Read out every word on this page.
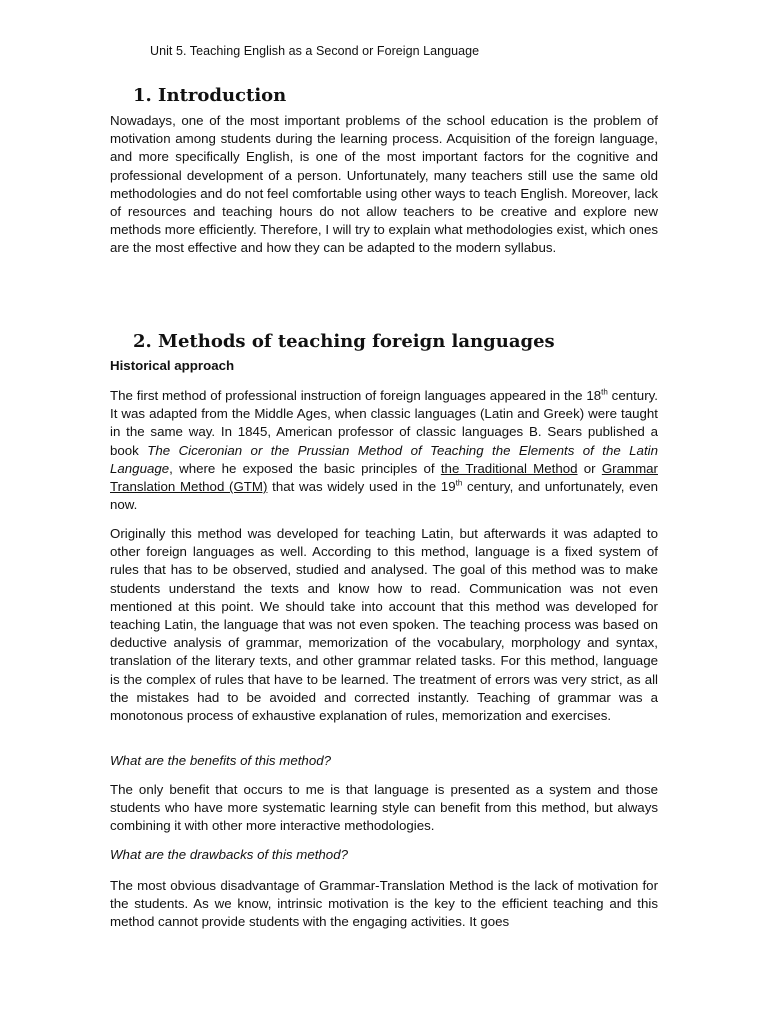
Unit 5. Teaching English as a Second or Foreign Language
1. Introduction

Nowadays, one of the most important problems of the school education is the problem of motivation among students during the learning process. Acquisition of the foreign language, and more specifically English, is one of the most important factors for the cognitive and professional development of a person. Unfortunately, many teachers still use the same old methodologies and do not feel comfortable using other ways to teach English. Moreover, lack of resources and teaching hours do not allow teachers to be creative and explore new methods more efficiently. Therefore, I will try to explain what methodologies exist, which ones are the most effective and how they can be adapted to the modern syllabus.

2. Methods of teaching foreign languages
Historical approach

The first method of professional instruction of foreign languages appeared in the 18th century. It was adapted from the Middle Ages, when classic languages (Latin and Greek) were taught in the same way. In 1845, American professor of classic languages B. Sears published a book The Ciceronian or the Prussian Method of Teaching the Elements of the Latin Language, where he exposed the basic principles of the Traditional Method or Grammar Translation Method (GTM) that was widely used in the 19th century, and unfortunately, even now.

Originally this method was developed for teaching Latin, but afterwards it was adapted to other foreign languages as well. According to this method, language is a fixed system of rules that has to be observed, studied and analysed. The goal of this method was to make students understand the texts and know how to read. Communication was not even mentioned at this point. We should take into account that this method was developed for teaching Latin, the language that was not even spoken. The teaching process was based on deductive analysis of grammar, memorization of the vocabulary, morphology and syntax, translation of the literary texts, and other grammar related tasks. For this method, language is the complex of rules that have to be learned. The treatment of errors was very strict, as all the mistakes had to be avoided and corrected instantly. Teaching of grammar was a monotonous process of exhaustive explanation of rules, memorization and exercises.

What are the benefits of this method?

The only benefit that occurs to me is that language is presented as a system and those students who have more systematic learning style can benefit from this method, but always combining it with other more interactive methodologies.

What are the drawbacks of this method?

The most obvious disadvantage of Grammar-Translation Method is the lack of motivation for the students. As we know, intrinsic motivation is the key to the efficient teaching and this method cannot provide students with the engaging activities. It goes
